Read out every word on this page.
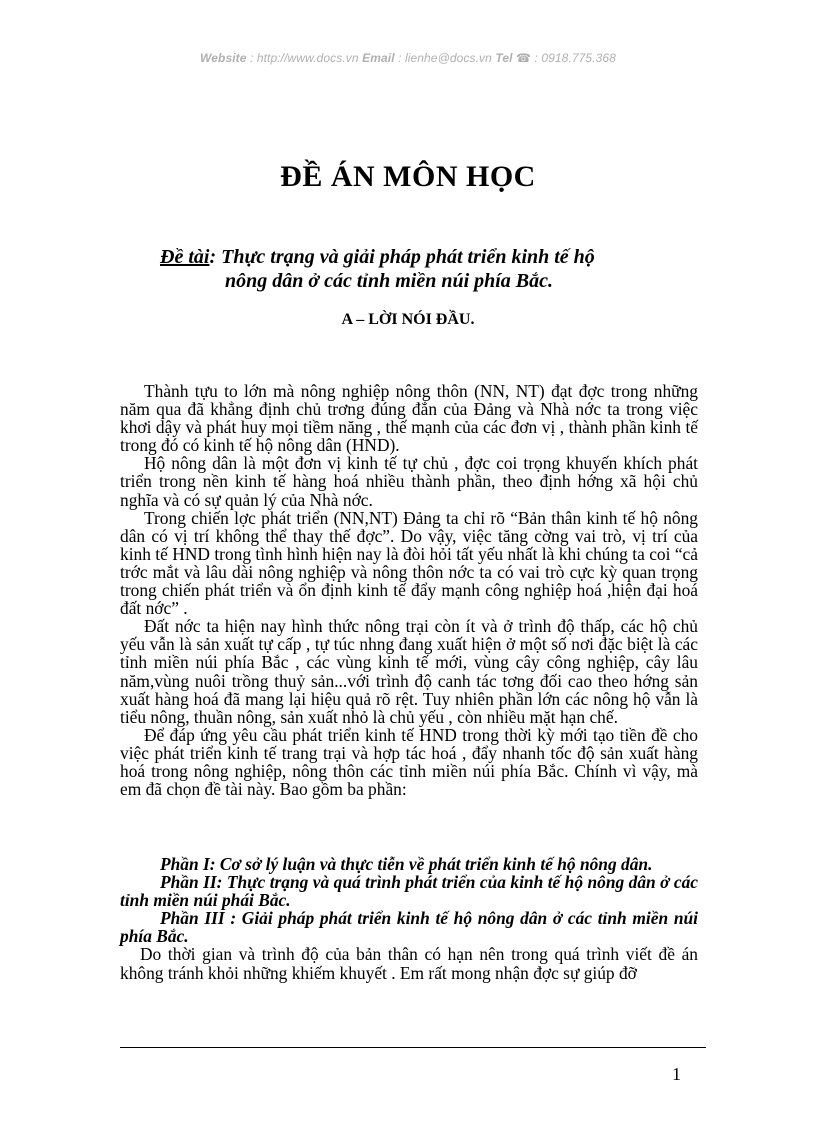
Website : http://www.docs.vn Email : lienhe@docs.vn Tel ☎ : 0918.775.368
ĐỀ ÁN MÔN HỌC
Đề tài: Thực trạng và giải pháp phát triển kinh tế hộ
nông dân ở các tỉnh miền núi phía Bắc.
A – LỜI NÓI ĐẦU.

Thành tựu to lớn mà nông nghiệp nông thôn (NN, NT) đạt đợc trong những năm qua đã khẳng định chủ trơng đúng đắn của Đảng và Nhà nớc ta trong việc khơi dậy và phát huy mọi tiềm năng , thế mạnh của các đơn vị , thành phần kinh tế trong đó có kinh tế hộ nông dân (HND).

Hộ nông dân là một đơn vị kinh tế tự chủ , đợc coi trọng khuyến khích phát triển trong nền kinh tế hàng hoá nhiều thành phần, theo định hớng xã hội chủ nghĩa và có sự quản lý của Nhà nớc.

Trong chiến lợc phát triển (NN,NT) Đảng ta chỉ rõ “Bản thân kinh tế hộ nông dân có vị trí không thể thay thế đợc”. Do vậy, việc tăng cờng vai trò, vị trí của kinh tế HND trong tình hình hiện nay là đòi hỏi tất yếu nhất là khi chúng ta coi “cả trớc mắt và lâu dài nông nghiệp và nông thôn nớc ta có vai trò cực kỳ quan trọng trong chiến phát triển và ổn định kinh tế đẩy mạnh công nghiệp hoá ,hiện đại hoá đất nớc” .

Đất nớc ta hiện nay hình thức nông trại còn ít và ở trình độ thấp, các hộ chủ yếu vẫn là sản xuất tự cấp , tự túc nhng đang xuất hiện ở một số nơi đặc biệt là các tỉnh miền núi phía Bắc , các vùng kinh tế mới, vùng cây công nghiệp, cây lâu năm,vùng nuôi trồng thuỷ sản...với trình độ canh tác tơng đối cao theo hớng sản xuất hàng hoá đã mang lại hiệu quả rõ rệt. Tuy nhiên phần lớn các nông hộ vẫn là tiểu nông, thuần nông, sản xuất nhỏ là chủ yếu , còn nhiều mặt hạn chế.

Để đáp ứng yêu cầu phát triển kinh tế HND trong thời kỳ mới tạo tiền đề cho việc phát triển kinh tế trang trại và hợp tác hoá , đẩy nhanh tốc độ sản xuất hàng hoá trong nông nghiệp, nông thôn các tỉnh miền núi phía Bắc. Chính vì vậy, mà em đã chọn đề tài này. Bao gồm ba phần:

Phần I: Cơ sở lý luận và thực tiễn về phát triển kinh tế hộ nông dân.

Phần II: Thực trạng và quá trình phát triển của kinh tế hộ nông dân ở các tỉnh miền núi phái Bắc.

Phần III : Giải pháp phát triển kinh tế hộ nông dân ở các tỉnh miền núi phía Bắc.

Do thời gian và trình độ của bản thân có hạn nên trong quá trình viết đề án không tránh khỏi những khiếm khuyết . Em rất mong nhận đợc sự giúp đỡ

1
